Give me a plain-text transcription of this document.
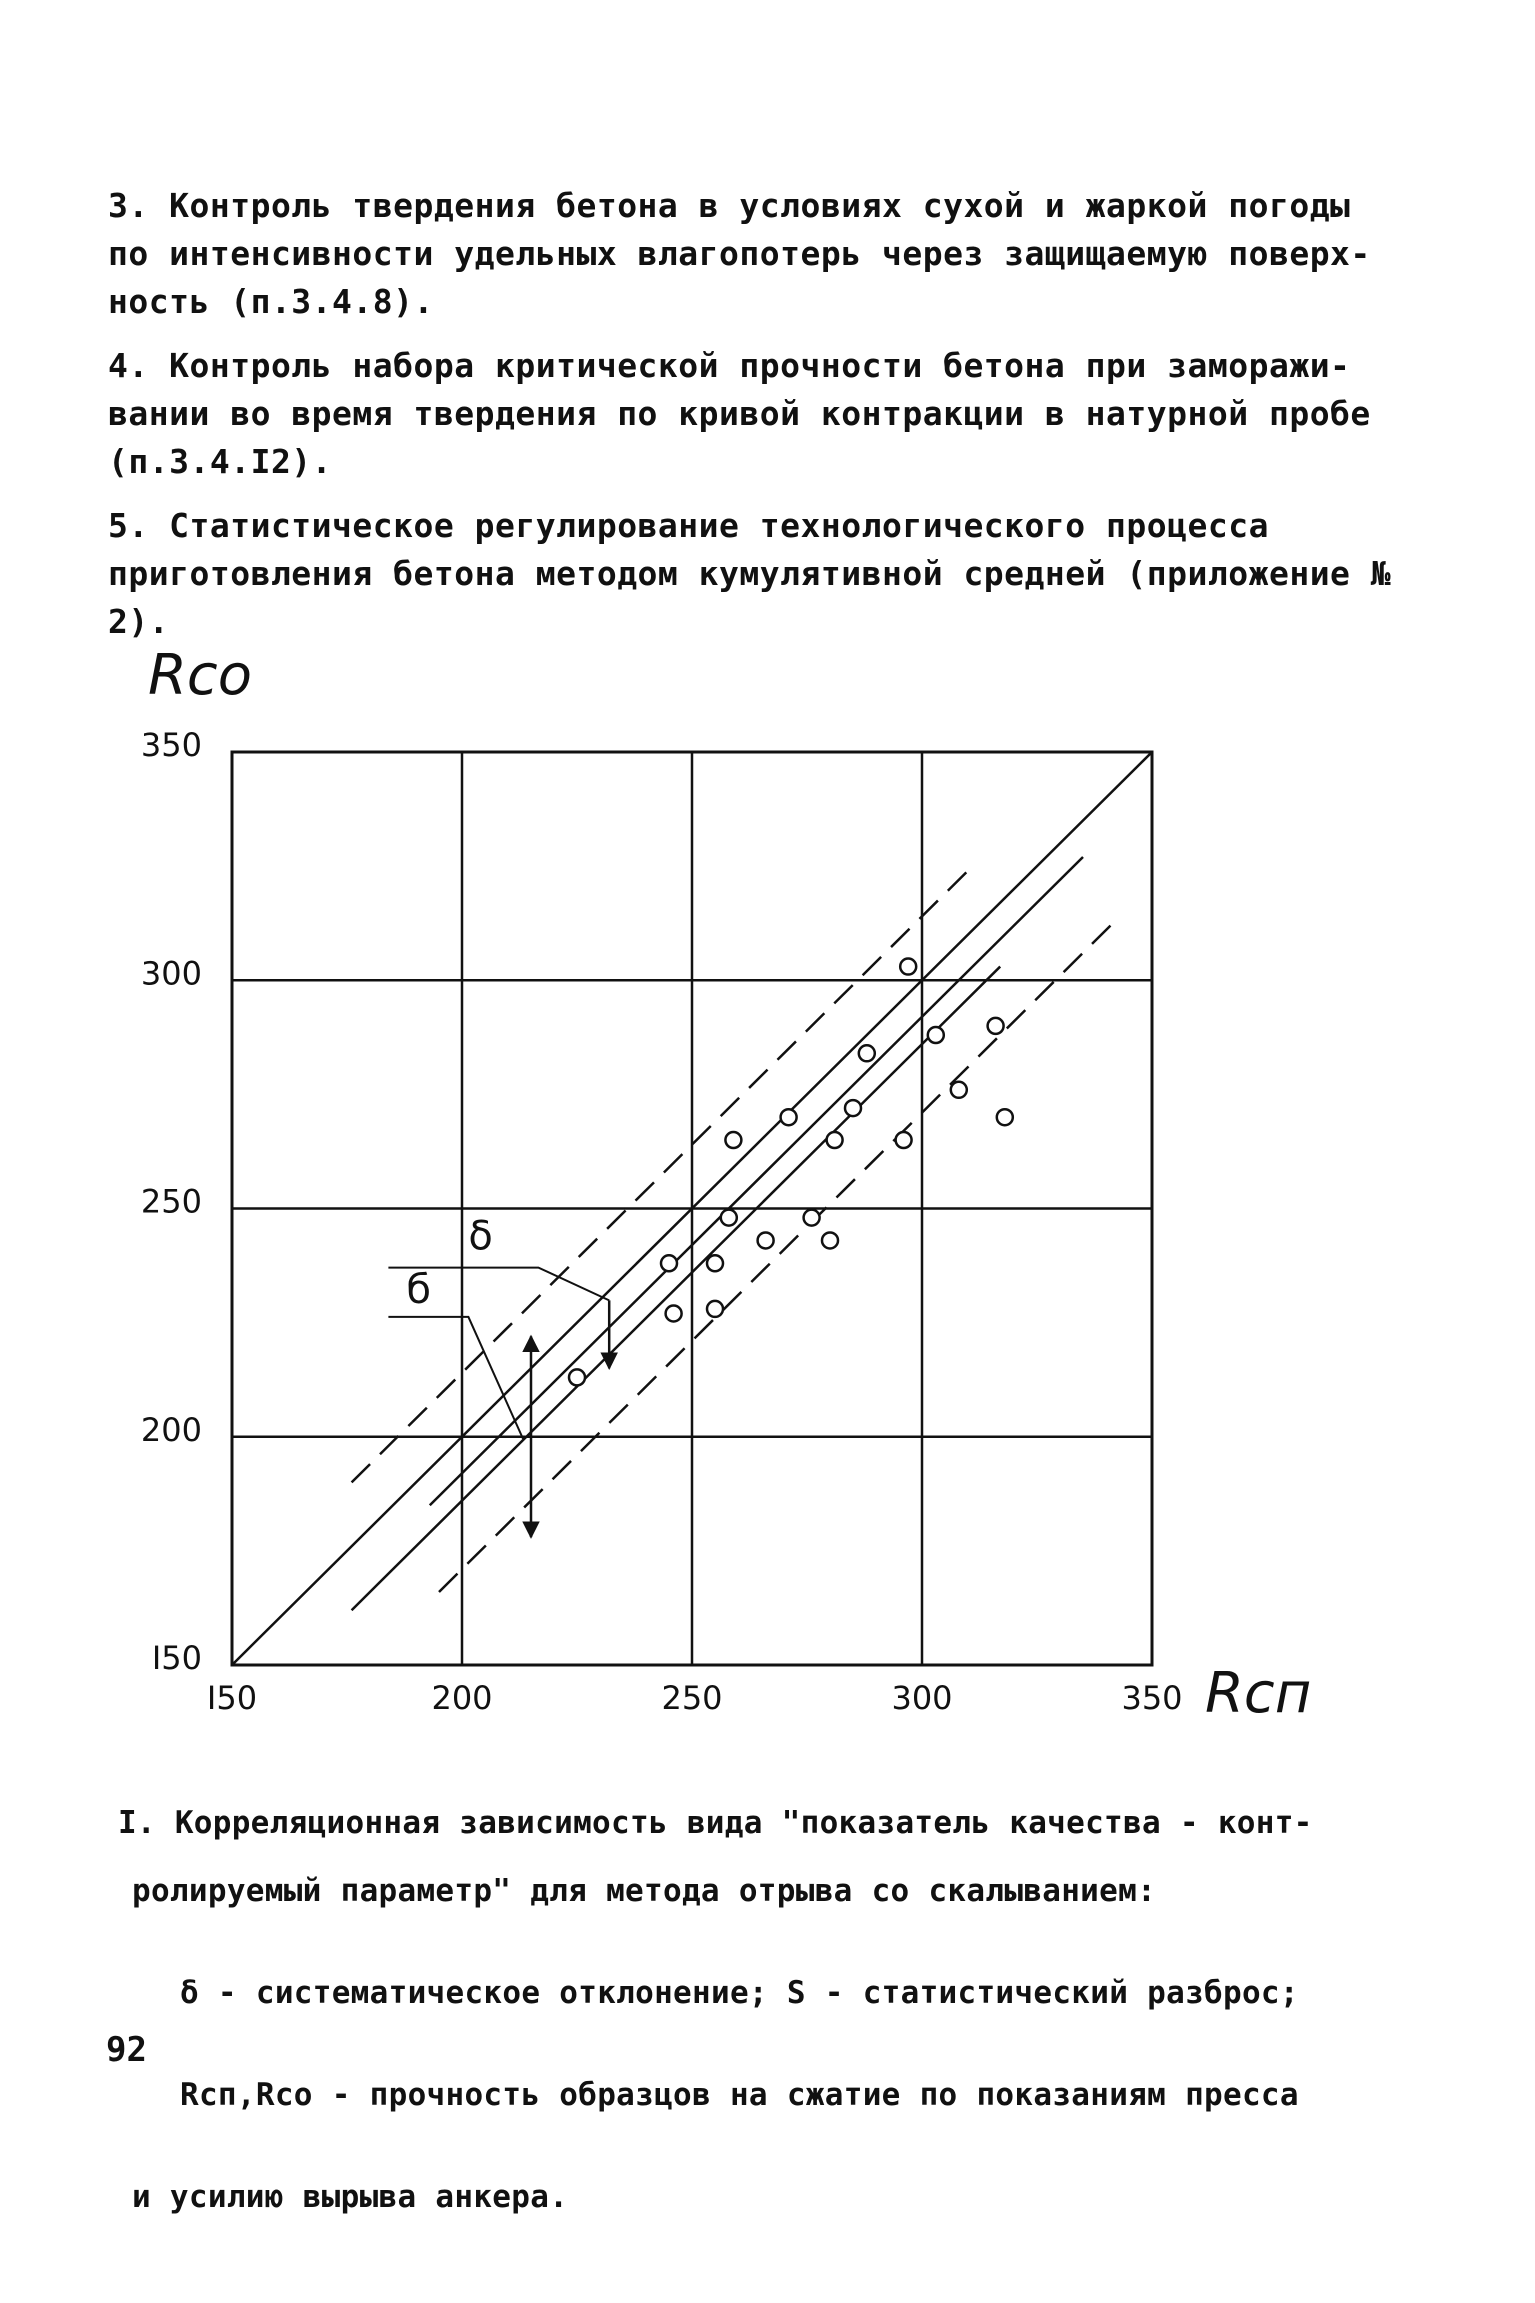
3. Контроль твердения бетона в условиях сухой и жаркой погоды
по интенсивности удельных влагопотерь через защищаемую поверх-
ность (п.3.4.8).
4. Контроль набора критической прочности бетона при заморажи-
вании во время твердения по кривой контракции в натурной пробе
(п.3.4.I2).
5. Статистическое регулирование технологического процесса
приготовления бетона методом кумулятивной средней (приложение № 2).
δ
б
I50	200	250	300	350
I50
200
250
300
350
Rсо
Rсп

I. Корреляционная зависимость вида "показатель качества - конт-

ролируемый параметр" для метода отрыва со скалыванием:

δ - систематическое отклонение; S - статистический разброс;

Rсп,Rсо - прочность образцов на сжатие по показаниям пресса

и усилию вырыва анкера.

92
